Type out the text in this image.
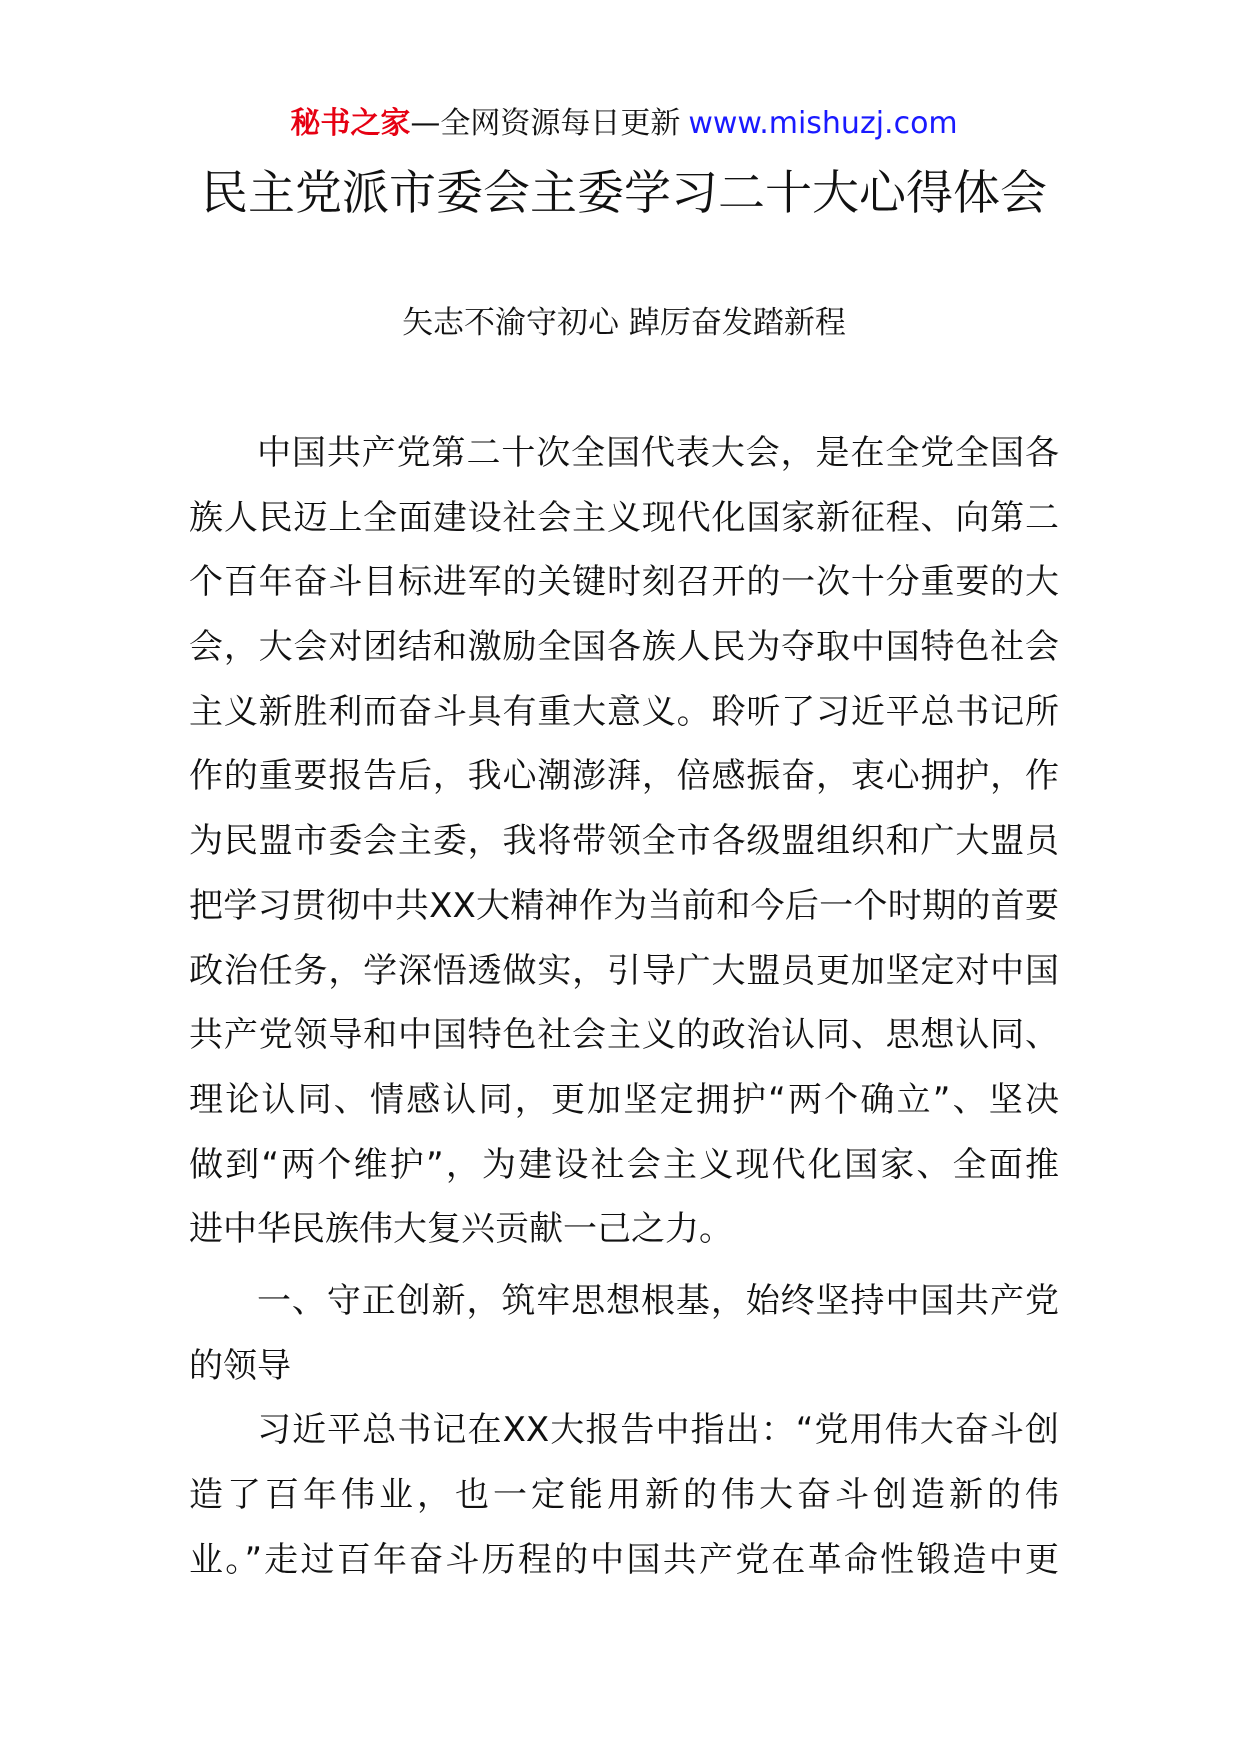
秘书之家—全网资源每日更新 www.mishuzj.com
民主党派市委会主委学习二十大心得体会
矢志不渝守初心 踔厉奋发踏新程
中国共产党第二十次全国代表大会，是在全党全国各
族人民迈上全面建设社会主义现代化国家新征程、向第二
个百年奋斗目标进军的关键时刻召开的一次十分重要的大
会，大会对团结和激励全国各族人民为夺取中国特色社会
主义新胜利而奋斗具有重大意义。聆听了习近平总书记所
作的重要报告后，我心潮澎湃，倍感振奋，衷心拥护，作
为民盟市委会主委，我将带领全市各级盟组织和广大盟员
把学习贯彻中共XX大精神作为当前和今后一个时期的首要
政治任务，学深悟透做实，引导广大盟员更加坚定对中国
共产党领导和中国特色社会主义的政治认同、思想认同、
理论认同、情感认同，更加坚定拥护“两个确立”、坚决
做到“两个维护”，为建设社会主义现代化国家、全面推
进中华民族伟大复兴贡献一己之力。
一、守正创新，筑牢思想根基，始终坚持中国共产党
的领导
习近平总书记在XX大报告中指出：“党用伟大奋斗创
造了百年伟业，也一定能用新的伟大奋斗创造新的伟
业。”走过百年奋斗历程的中国共产党在革命性锻造中更
